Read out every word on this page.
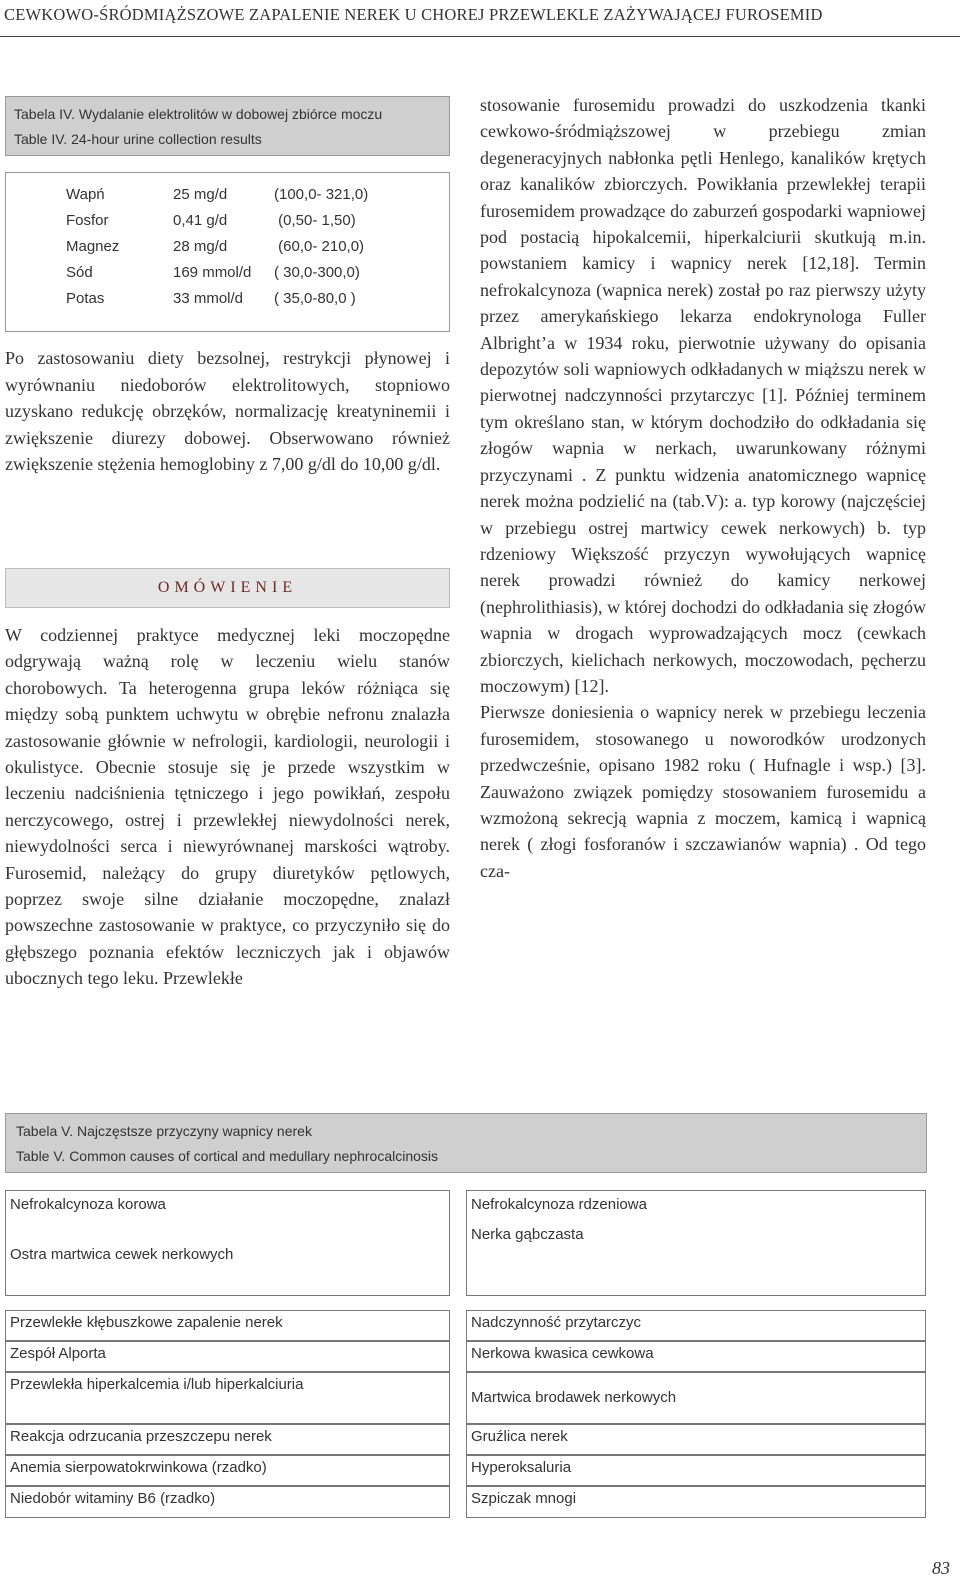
CEWKOWO-ŚRÓDMIĄŻSZOWE ZAPALENIE NEREK U CHOREJ PRZEWLEKLE ZAŻYWAJĄCEJ FUROSEMID
Tabela IV. Wydalanie elektrolitów w dobowej zbiórce moczu
Table IV. 24-hour urine collection results
Wapń	25 mg/d	(100,0- 321,0)
Fosfor	0,41 g/d	(0,50- 1,50)
Magnez	28 mg/d	(60,0- 210,0)
Sód	169 mmol/d ( 30,0-300,0)
Potas	33 mmol/d ( 35,0-80,0 )

Po zastosowaniu diety bezsolnej, restrykcji płynowej i wyrównaniu niedoborów elektrolitowych, stopniowo uzyskano redukcję obrzęków, normalizację kreatyninemii i zwiększenie diurezy dobowej. Obserwowano również zwiększenie stężenia hemoglobiny z 7,00 g/dl do 10,00 g/dl.

OMÓWIENIE

W codziennej praktyce medycznej leki moczopędne odgrywają ważną rolę w leczeniu wielu stanów chorobowych. Ta heterogenna grupa leków różniąca się między sobą punktem uchwytu w obrębie nefronu znalazła zastosowanie głównie w nefrologii, kardiologii, neurologii i okulistyce. Obecnie stosuje się je przede wszystkim w leczeniu nadciśnienia tętniczego i jego powikłań, zespołu nerczycowego, ostrej i przewlekłej niewydolności nerek, niewydolności serca i niewyrównanej marskości wątroby. Furosemid, należący do grupy diuretyków pętlowych, poprzez swoje silne działanie moczopędne, znalazł powszechne zastosowanie w praktyce, co przyczyniło się do głębszego poznania efektów leczniczych jak i objawów ubocznych tego leku. Przewlekłe

stosowanie furosemidu prowadzi do uszkodzenia tkanki cewkowo-śródmiąższowej w przebiegu zmian degeneracyjnych nabłonka pętli Henlego, kanalików krętych oraz kanalików zbiorczych. Powikłania przewlekłej terapii furosemidem prowadzące do zaburzeń gospodarki wapniowej pod postacią hipokalcemii, hiperkalciurii skutkują m.in. powstaniem kamicy i wapnicy nerek [12,18]. Termin nefrokalcynoza (wapnica nerek) został po raz pierwszy użyty przez amerykańskiego lekarza endokrynologa Fuller Albright’a w 1934 roku, pierwotnie używany do opisania depozytów soli wapniowych odkładanych w miąższu nerek w pierwotnej nadczynności przytarczyc [1]. Później terminem tym określano stan, w którym dochodziło do odkładania się złogów wapnia w nerkach, uwarunkowany różnymi przyczynami . Z punktu widzenia anatomicznego wapnicę nerek można podzielić na (tab.V): a. typ korowy (najczęściej w przebiegu ostrej martwicy cewek nerkowych) b. typ rdzeniowy Większość przyczyn wywołujących wapnicę nerek prowadzi również do kamicy nerkowej (nephrolithiasis), w której dochodzi do odkładania się złogów wapnia w drogach wyprowadzających mocz (cewkach zbiorczych, kielichach nerkowych, moczowodach, pęcherzu moczowym) [12].

Pierwsze doniesienia o wapnicy nerek w przebiegu leczenia furosemidem, stosowanego u noworodków urodzonych przedwcześnie, opisano 1982 roku ( Hufnagle i wsp.) [3]. Zauważono związek pomiędzy stosowaniem furosemidu a wzmożoną sekrecją wapnia z moczem, kamicą i wapnicą nerek ( złogi fosforanów i szczawianów wapnia) . Od tego cza-

Tabela V. Najczęstsze przyczyny wapnicy nerek
Table V. Common causes of cortical and medullary nephrocalcinosis
Nefrokalcynoza korowa
Ostra martwica cewek nerkowych
Przewlekłe kłębuszkowe zapalenie nerek
Zespół Alporta
Przewlekła hiperkalcemia i/lub hiperkalciuria
Reakcja odrzucania przeszczepu nerek
Anemia sierpowatokrwinkowa (rzadko)
Niedobór witaminy B6 (rzadko)
Nefrokalcynoza rdzeniowa
Nerka gąbczasta
Nadczynność przytarczyc
Nerkowa kwasica cewkowa
Martwica brodawek nerkowych
Gruźlica nerek
Hyperoksaluria
Szpiczak mnogi
83
